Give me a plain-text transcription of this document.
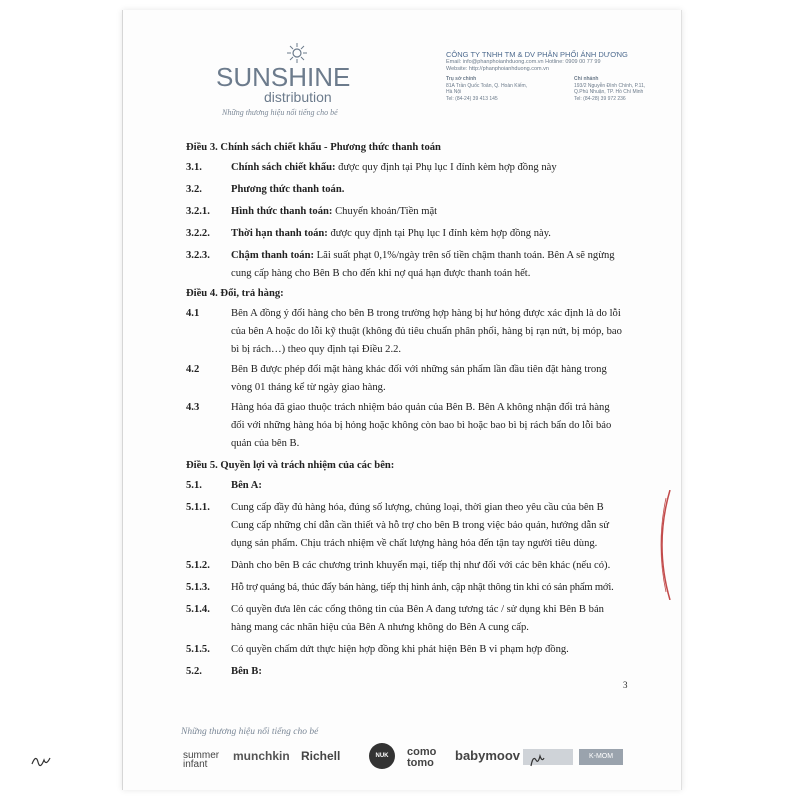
SUNSHINE
distribution
Những thương hiệu nổi tiếng cho bé
CÔNG TY TNHH TM & DV PHÂN PHỐI ÁNH DƯƠNG
Email: info@phanphoianhduong.com.vn Hotline: 0909 00 77 99
Website: http://phanphoianhduong.com.vn
Trụ sở chính
81A Trần Quốc Toản, Q. Hoàn Kiếm,
Hà Nội
Tel: (84-24) 39 413 145
Chi nhánh
193/2 Nguyễn Đình Chính, P.11,
Q.Phú Nhuận, TP. Hồ Chí Minh
Tel: (84-28) 39 972 236
Điều 3. Chính sách chiết khấu - Phương thức thanh toán
3.1.	Chính sách chiết khấu: được quy định tại Phụ lục I đính kèm hợp đồng này
3.2.	Phương thức thanh toán.
3.2.1. Hình thức thanh toán: Chuyển khoản/Tiền mặt
3.2.2. Thời hạn thanh toán: được quy định tại Phụ lục I đính kèm hợp đồng này.
3.2.3. Chậm thanh toán: Lãi suất phạt 0,1%/ngày trên số tiền chậm thanh toán. Bên A sẽ ngừng
cung cấp hàng cho Bên B cho đến khi nợ quá hạn được thanh toán hết.
Điều 4. Đổi, trả hàng:
4.1	Bên A đồng ý đổi hàng cho bên B trong trường hợp hàng bị hư hỏng được xác định là do lỗi
của bên A hoặc do lỗi kỹ thuật (không đủ tiêu chuẩn phân phối, hàng bị rạn nứt, bị móp, bao
bì bị rách…) theo quy định tại Điều 2.2.
4.2	Bên B được phép đổi mặt hàng khác đối với những sản phẩm lần đầu tiên đặt hàng trong
vòng 01 tháng kể từ ngày giao hàng.
4.3	Hàng hóa đã giao thuộc trách nhiệm bảo quản của Bên B. Bên A không nhận đổi trả hàng
đối với những hàng hóa bị hỏng hoặc không còn bao bì hoặc bao bì bị rách bẩn do lỗi bảo
quản của bên B.
Điều 5. Quyền lợi và trách nhiệm của các bên:
5.1.	Bên A:
5.1.1. Cung cấp đầy đủ hàng hóa, đúng số lượng, chủng loại, thời gian theo yêu cầu của bên B
Cung cấp những chỉ dẫn cần thiết và hỗ trợ cho bên B trong việc bảo quản, hướng dẫn sử
dụng sản phẩm. Chịu trách nhiệm về chất lượng hàng hóa đến tận tay người tiêu dùng.
5.1.2. Dành cho bên B các chương trình khuyến mại, tiếp thị như đối với các bên khác (nếu có).
5.1.3. Hỗ trợ quảng bá, thúc đẩy bán hàng, tiếp thị hình ảnh, cập nhật thông tin khi có sản phẩm mới.
5.1.4. Có quyền đưa lên các cổng thông tin của Bên A đang tương tác / sử dụng khi Bên B bán
hàng mang các nhãn hiệu của Bên A nhưng không do Bên A cung cấp.
5.1.5. Có quyền chấm dứt thực hiện hợp đồng khi phát hiện Bên B vi phạm hợp đồng.
5.2.	Bên B:
3
Những thương hiệu nổi tiếng cho bé
summer infant
munchkin Richell	NUK	como tomo	babymoov	K-MOM
